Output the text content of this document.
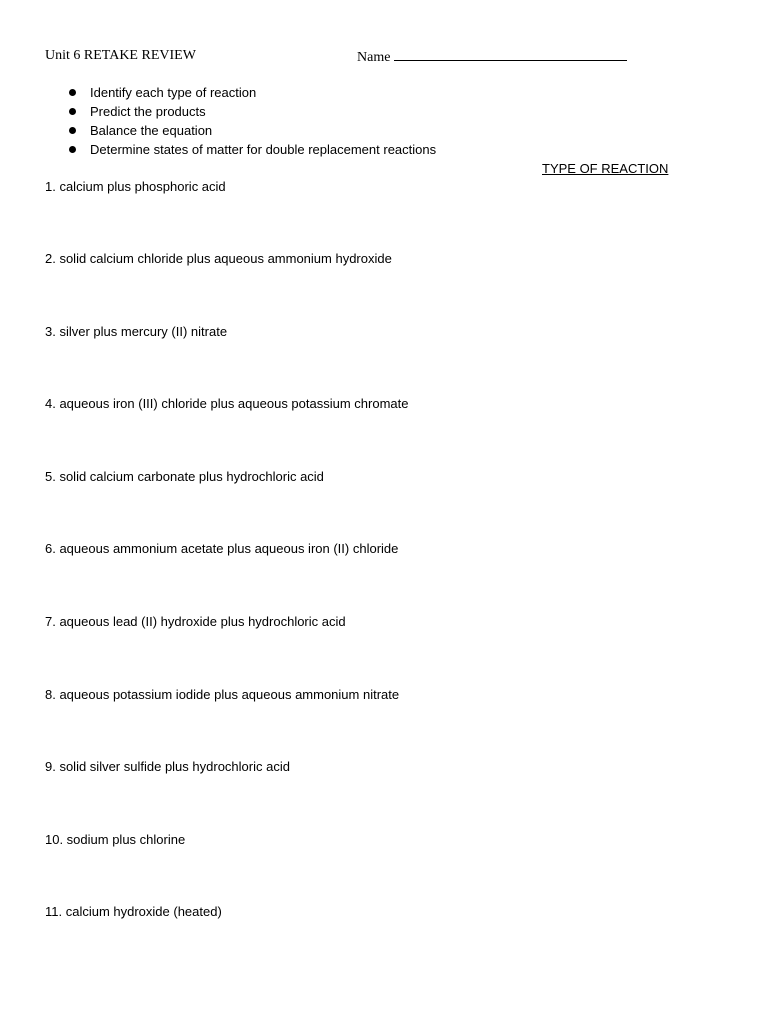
Unit 6 RETAKE REVIEW	Name
Identify each type of reaction
Predict the products
Balance the equation
Determine states of matter for double replacement reactions
TYPE OF REACTION
1. calcium plus phosphoric acid
2. solid calcium chloride plus aqueous ammonium hydroxide
3. silver plus mercury (II) nitrate
4. aqueous iron (III) chloride plus aqueous potassium chromate
5. solid calcium carbonate plus hydrochloric acid
6. aqueous ammonium acetate plus aqueous iron (II) chloride
7. aqueous lead (II) hydroxide plus hydrochloric acid
8. aqueous potassium iodide plus aqueous ammonium nitrate
9. solid silver sulfide plus hydrochloric acid
10. sodium plus chlorine
11. calcium hydroxide (heated)
